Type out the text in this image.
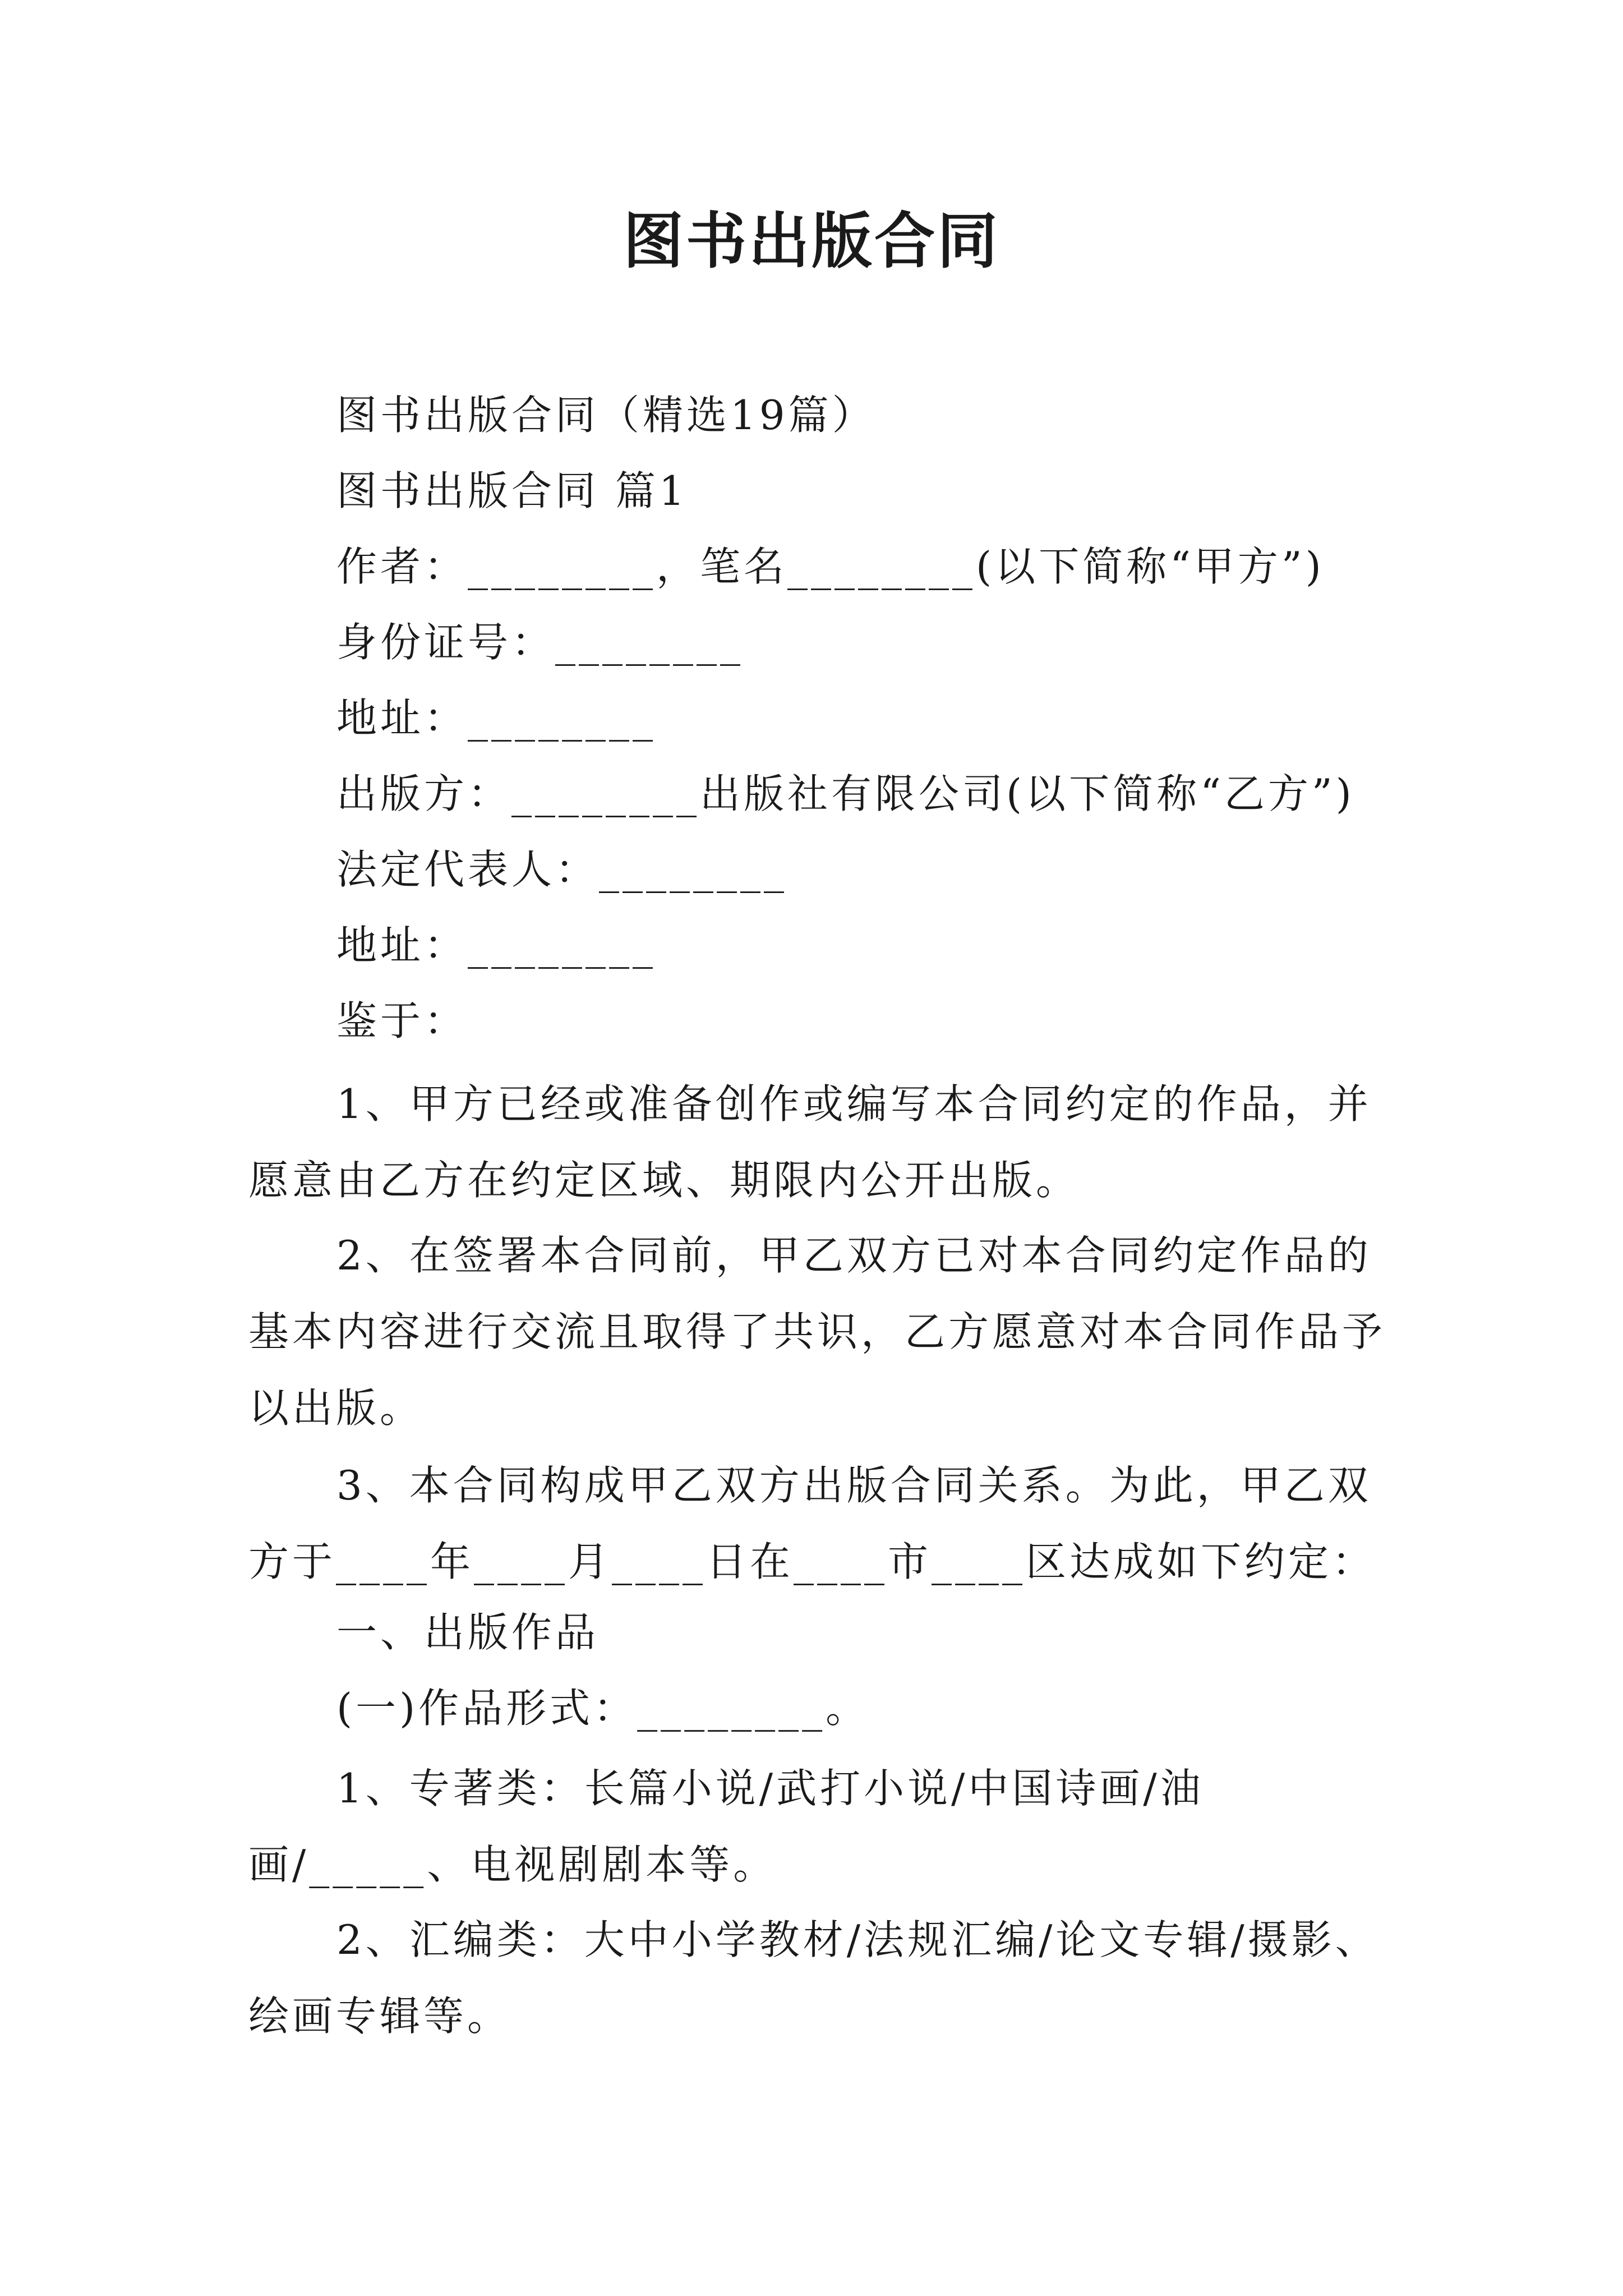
图书出版合同
图书出版合同（精选19篇）
图书出版合同 篇1
作者：________，笔名________(以下简称“甲方”)
身份证号：________
地址：________
出版方：________出版社有限公司(以下简称“乙方”)
法定代表人：________
地址：________
鉴于：
1、甲方已经或准备创作或编写本合同约定的作品，并愿意由乙方在约定区域、期限内公开出版。
2、在签署本合同前，甲乙双方已对本合同约定作品的基本内容进行交流且取得了共识，乙方愿意对本合同作品予以出版。
3、本合同构成甲乙双方出版合同关系。为此，甲乙双方于____年____月____日在____市____区达成如下约定：
一、出版作品
(一)作品形式：________。
1、专著类：长篇小说/武打小说/中国诗画/油画/_____、电视剧剧本等。
2、汇编类：大中小学教材/法规汇编/论文专辑/摄影、绘画专辑等。
